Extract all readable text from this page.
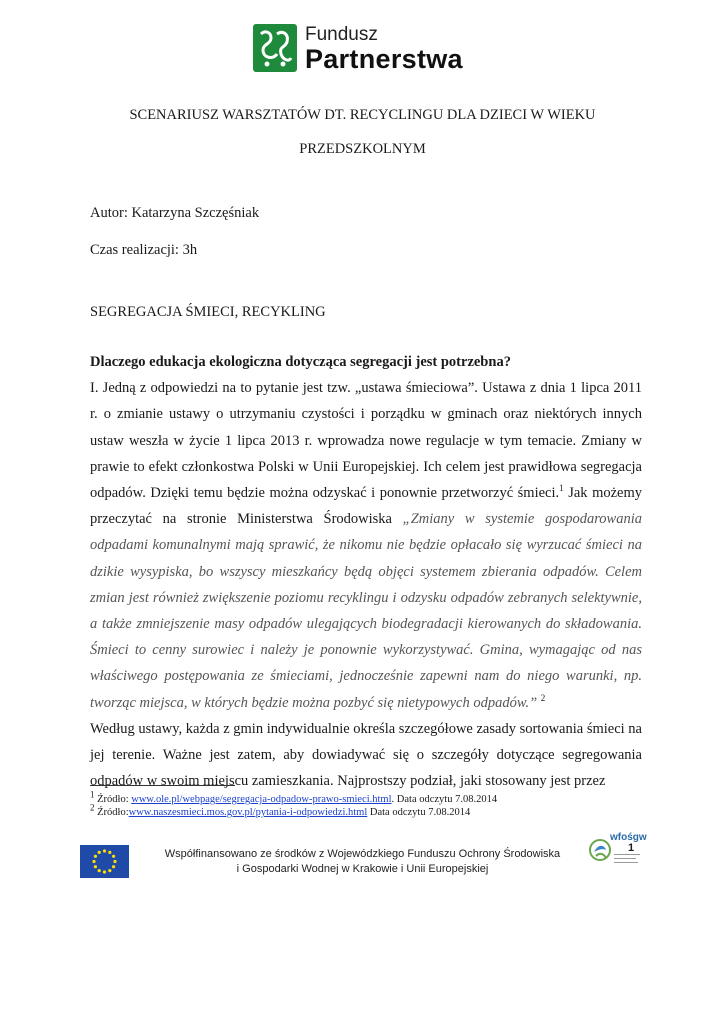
Fundusz
Partnerstwa
SCENARIUSZ WARSZTATÓW DT. RECYCLINGU DLA DZIECI W WIEKU
PRZEDSZKOLNYM
Autor: Katarzyna Szczęśniak
Czas realizacji: 3h
SEGREGACJA ŚMIECI, RECYKLING

Dlaczego edukacja ekologiczna dotycząca segregacji jest potrzebna?

I. Jedną z odpowiedzi na to pytanie jest tzw. „ustawa śmieciowa”. Ustawa z dnia 1 lipca 2011 r. o zmianie ustawy o utrzymaniu czystości i porządku w gminach oraz niektórych innych ustaw weszła w życie 1 lipca 2013 r. wprowadza nowe regulacje w tym temacie. Zmiany w prawie to efekt członkostwa Polski w Unii Europejskiej. Ich celem jest prawidłowa segregacja odpadów. Dzięki temu będzie można odzyskać i ponownie przetworzyć śmieci.$^1$ Jak możemy przeczytać na stronie Ministerstwa Środowiska „Zmiany w systemie gospodarowania odpadami komunalnymi mają sprawić, że nikomu nie będzie opłacało się wyrzucać śmieci na dzikie wysypiska, bo wszyscy mieszkańcy będą objęci systemem zbierania odpadów. Celem zmian jest również zwiększenie poziomu recyklingu i odzysku odpadów zebranych selektywnie, a także zmniejszenie masy odpadów ulegających biodegradacji kierowanych do składowania. Śmieci to cenny surowiec i należy je ponownie wykorzystywać. Gmina, wymagając od nas właściwego postępowania ze śmieciami, jednocześnie zapewni nam do niego warunki, np. tworząc miejsca, w których będzie można pozbyć się nietypowych odpadów.” $^2$

Według ustawy, każda z gmin indywidualnie określa szczegółowe zasady sortowania śmieci na jej terenie. Ważne jest zatem, aby dowiadywać się o szczegóły dotyczące segregowania odpadów w swoim miejscu zamieszkania. Najprostszy podział, jaki stosowany jest przez

$^1$ Źródło: www.ole.pl/webpage/segregacja-odpadow-prawo-smieci.html. Data odczytu 7.08.2014
$^2$ Źródło:www.naszesmieci.mos.gov.pl/pytania-i-odpowiedzi.html Data odczytu 7.08.2014
Współfinansowano ze środków z Wojewódzkiego Funduszu Ochrony Środowiska
i Gospodarki Wodnej w Krakowie i Unii Europejskiej
wfośgw
1
